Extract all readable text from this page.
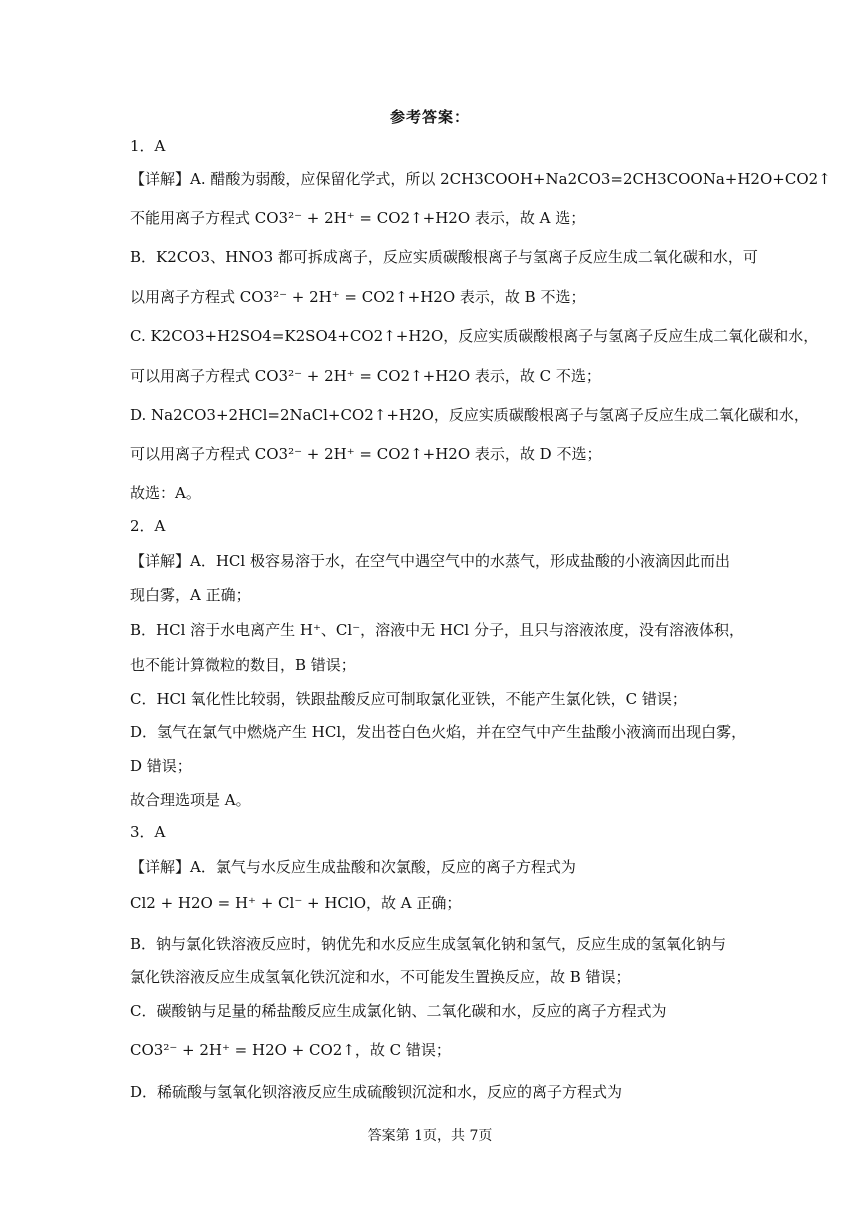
参考答案：
1．A
【详解】A. 醋酸为弱酸，应保留化学式，所以 2CH3COOH+Na2CO3=2CH3COONa+H2O+CO2↑
不能用离子方程式 CO3²⁻ + 2H⁺ = CO2↑+H2O 表示，故 A 选；
B．K2CO3、HNO3 都可拆成离子，反应实质碳酸根离子与氢离子反应生成二氧化碳和水，可
以用离子方程式 CO3²⁻ + 2H⁺ = CO2↑+H2O 表示，故 B 不选；
C. K2CO3+H2SO4=K2SO4+CO2↑+H2O，反应实质碳酸根离子与氢离子反应生成二氧化碳和水，
可以用离子方程式 CO3²⁻ + 2H⁺ = CO2↑+H2O 表示，故 C 不选；
D. Na2CO3+2HCl=2NaCl+CO2↑+H2O，反应实质碳酸根离子与氢离子反应生成二氧化碳和水，
可以用离子方程式 CO3²⁻ + 2H⁺ = CO2↑+H2O 表示，故 D 不选；
故选：A。
2．A
【详解】A．HCl 极容易溶于水，在空气中遇空气中的水蒸气，形成盐酸的小液滴因此而出
现白雾，A 正确；
B．HCl 溶于水电离产生 H⁺、Cl⁻，溶液中无 HCl 分子，且只与溶液浓度，没有溶液体积，
也不能计算微粒的数目，B 错误；
C．HCl 氧化性比较弱，铁跟盐酸反应可制取氯化亚铁，不能产生氯化铁，C 错误；
D．氢气在氯气中燃烧产生 HCl，发出苍白色火焰，并在空气中产生盐酸小液滴而出现白雾，
D 错误；
故合理选项是 A。
3．A
【详解】A．氯气与水反应生成盐酸和次氯酸，反应的离子方程式为
Cl2 + H2O = H⁺ + Cl⁻ + HClO，故 A 正确；
B．钠与氯化铁溶液反应时，钠优先和水反应生成氢氧化钠和氢气，反应生成的氢氧化钠与
氯化铁溶液反应生成氢氧化铁沉淀和水，不可能发生置换反应，故 B 错误；
C．碳酸钠与足量的稀盐酸反应生成氯化钠、二氧化碳和水，反应的离子方程式为
CO3²⁻ + 2H⁺ = H2O + CO2↑，故 C 错误；
D．稀硫酸与氢氧化钡溶液反应生成硫酸钡沉淀和水，反应的离子方程式为
答案第 1页，共 7页
